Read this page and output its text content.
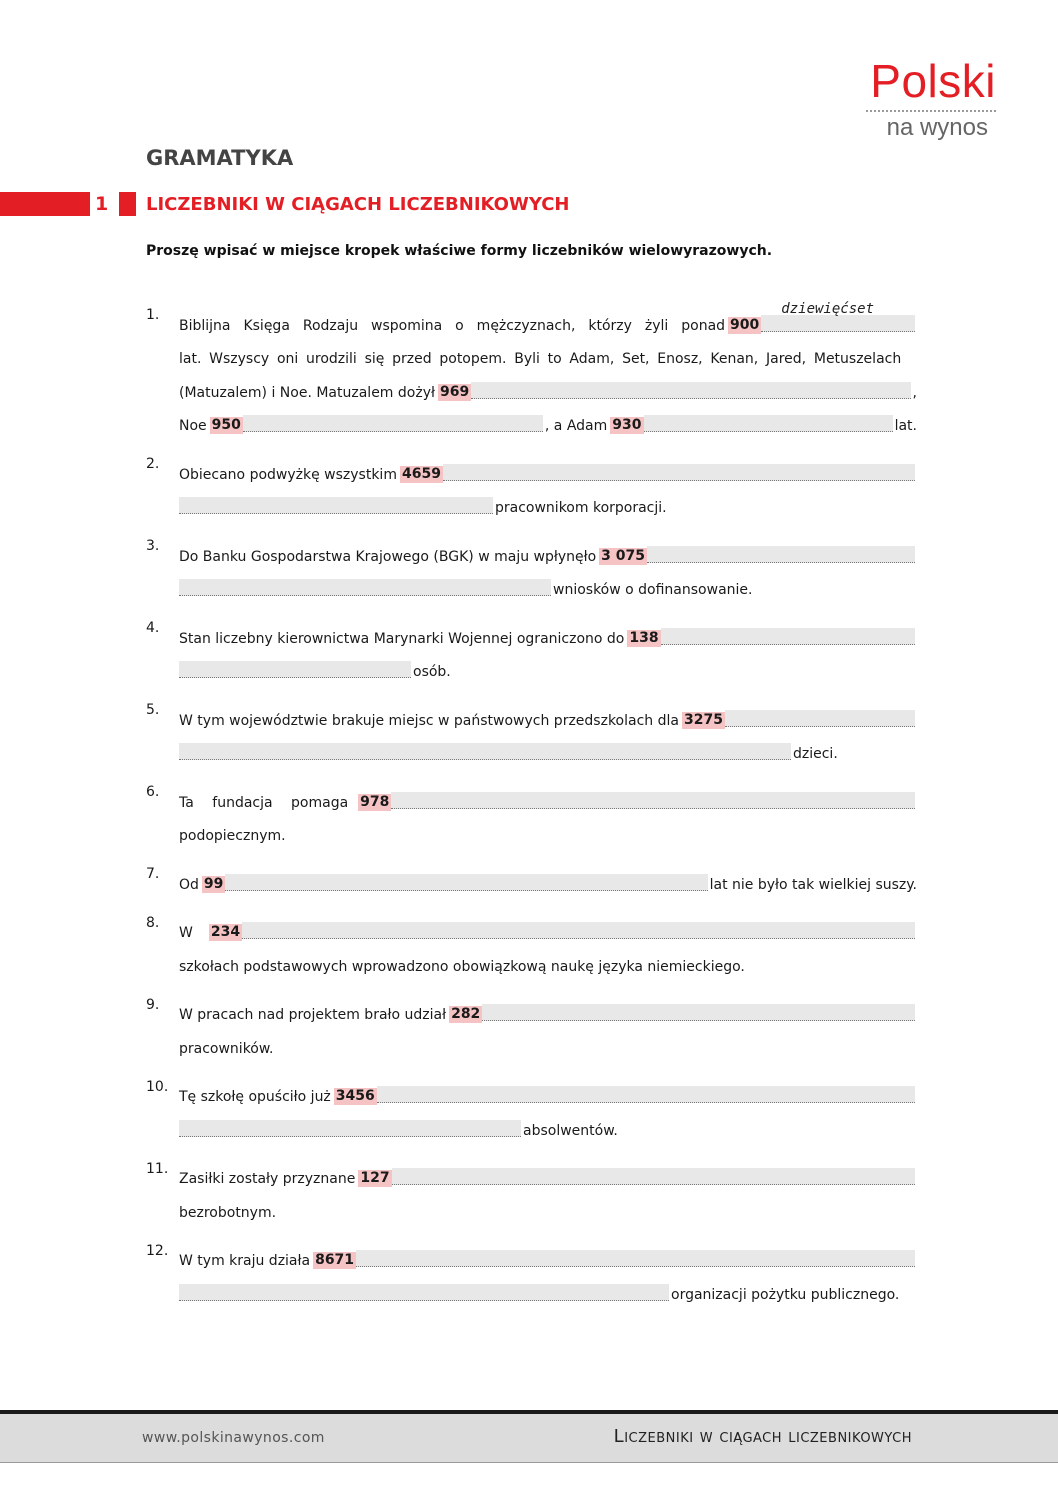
Polski
na wynos
GRAMATYKA
1 LICZEBNIKI W CIĄGACH LICZEBNIKOWYCH
Proszę wpisać w miejsce kropek właściwe formy liczebników wielowyrazowych.
1.
Biblijna Księga Rodzaju wspomina o mężczyznach, którzy żyli ponad 900
dziewięćset
lat. Wszyscy oni urodzili się przed potopem. Byli to Adam, Set, Enosz, Kenan, Jared, Metuszelach
(Matuzalem) i Noe. Matuzalem dożył 969	,
Noe 950	, a Adam 930	lat.
2.
Obiecano podwyżkę wszystkim 4659
pracownikom korporacji.
3.
Do Banku Gospodarstwa Krajowego (BGK) w maju wpłynęło 3 075
wniosków o dofinansowanie.
4.
Stan liczebny kierownictwa Marynarki Wojennej ograniczono do 138
osób.
5.
W tym województwie brakuje miejsc w państwowych przedszkolach dla 3275
dzieci.
6.
Ta fundacja pomaga 978
podopiecznym.
7.
Od 99	lat nie było tak wielkiej suszy.
8.
W 234
szkołach podstawowych wprowadzono obowiązkową naukę języka niemieckiego.
9.
W pracach nad projektem brało udział 282
pracowników.
10.
Tę szkołę opuściło już 3456
absolwentów.
11.
Zasiłki zostały przyznane 127
bezrobotnym.
12.
W tym kraju działa 8671
organizacji pożytku publicznego.
www.polskinawynos.com	Liczebniki w ciągach liczebnikowych
